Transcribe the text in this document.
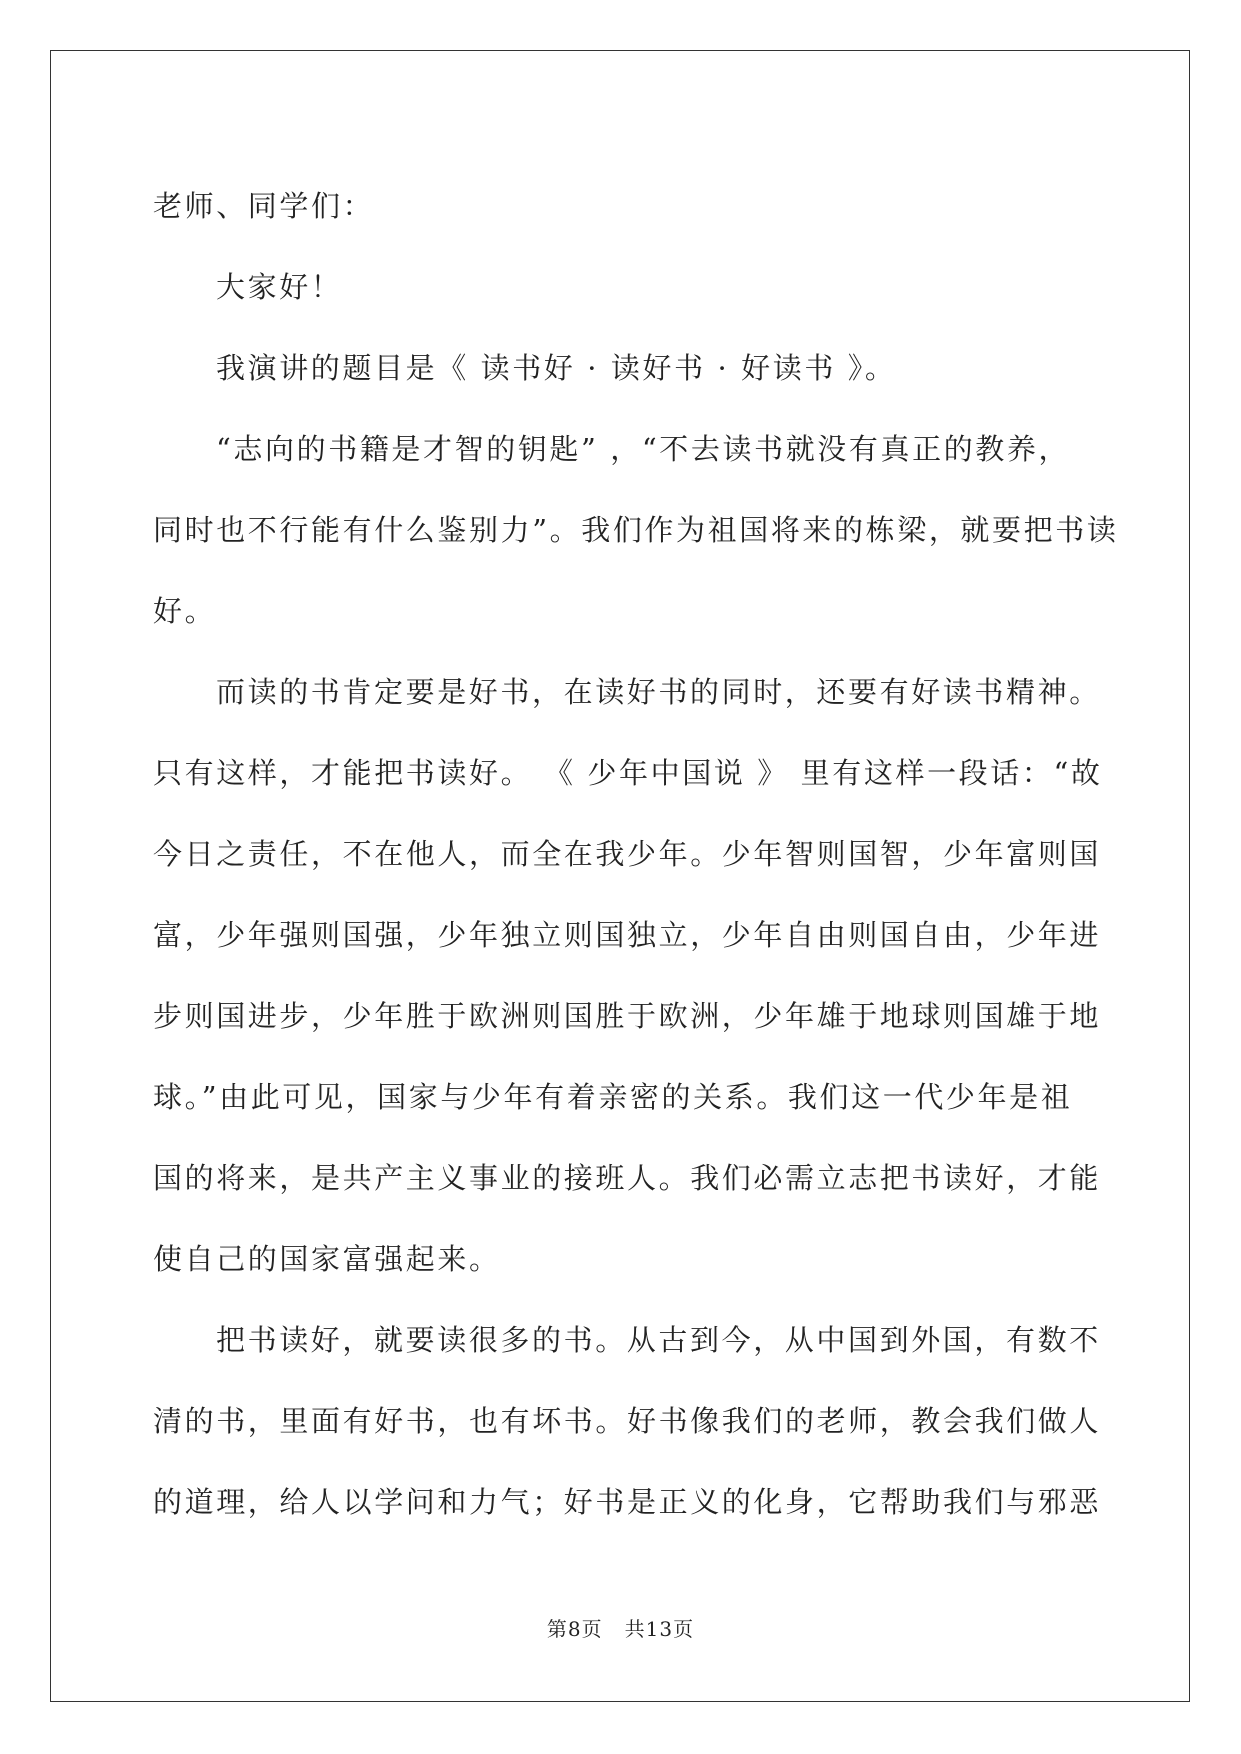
老师、同学们：

大家好！

我演讲的题目是《 读书好 · 读好书 · 好读书 》。

“志向的书籍是才智的钥匙” ，“不去读书就没有真正的教养，

同时也不行能有什么鉴别力”。我们作为祖国将来的栋梁，就要把书读

好。

而读的书肯定要是好书，在读好书的同时，还要有好读书精神。

只有这样，才能把书读好。 《 少年中国说 》 里有这样一段话：“故

今日之责任，不在他人，而全在我少年。少年智则国智，少年富则国

富，少年强则国强，少年独立则国独立，少年自由则国自由，少年进

步则国进步，少年胜于欧洲则国胜于欧洲，少年雄于地球则国雄于地

球。”由此可见，国家与少年有着亲密的关系。我们这一代少年是祖

国的将来，是共产主义事业的接班人。我们必需立志把书读好，才能

使自己的国家富强起来。

把书读好，就要读很多的书。从古到今，从中国到外国，有数不

清的书，里面有好书，也有坏书。好书像我们的老师，教会我们做人

的道理，给人以学问和力气；好书是正义的化身，它帮助我们与邪恶

第8页 共13页
